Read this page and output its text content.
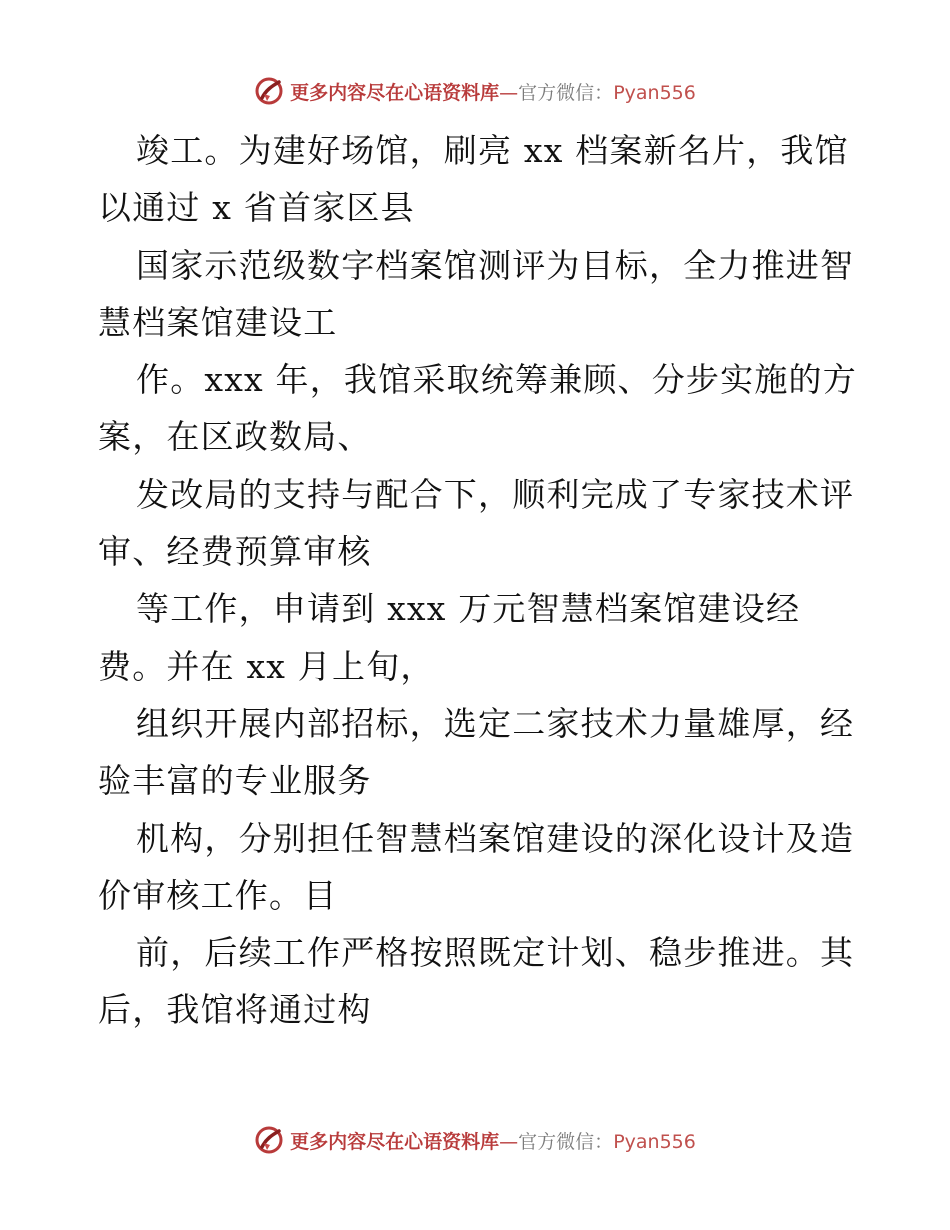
更多内容尽在心语资料库—官方微信：Pyan556
竣工。为建好场馆，刷亮 xx 档案新名片，我馆
以通过 x 省首家区县
国家示范级数字档案馆测评为目标，全力推进智
慧档案馆建设工
作。xxx 年，我馆采取统筹兼顾、分步实施的方
案，在区政数局、
发改局的支持与配合下，顺利完成了专家技术评
审、经费预算审核
等工作，申请到 xxx 万元智慧档案馆建设经
费。并在 xx 月上旬，
组织开展内部招标，选定二家技术力量雄厚，经
验丰富的专业服务
机构，分别担任智慧档案馆建设的深化设计及造
价审核工作。目
前，后续工作严格按照既定计划、稳步推进。其
后，我馆将通过构
更多内容尽在心语资料库—官方微信：Pyan556
